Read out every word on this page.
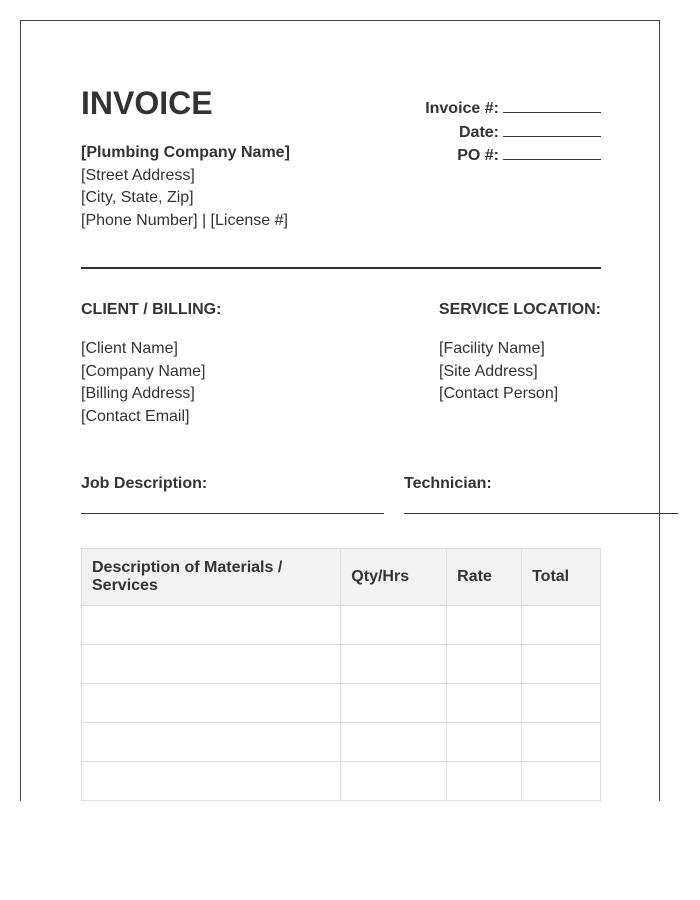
INVOICE
[Plumbing Company Name]
[Street Address]
[City, State, Zip]
[Phone Number] | [License #]
Invoice #:
Date:
PO #:
CLIENT / BILLING:	SERVICE LOCATION:
[Client Name]
[Company Name]
[Billing Address]
[Contact Email]
[Facility Name]
[Site Address]
[Contact Person]
Job Description:	Technician:
Description of Materials / Services	Qty/Hrs	Rate	Total
